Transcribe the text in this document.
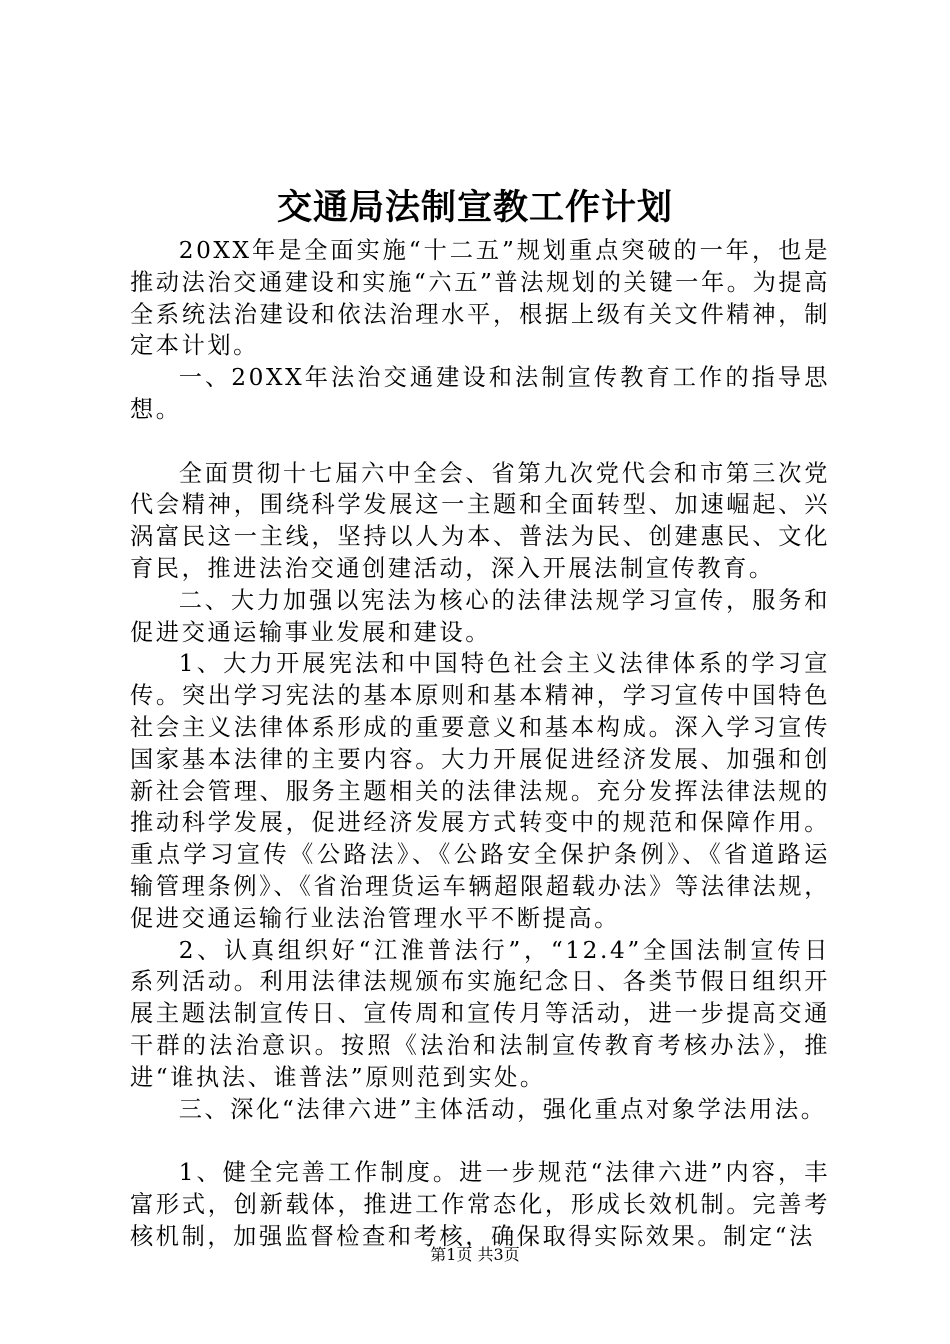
交通局法制宣教工作计划

20XX年是全面实施“十二五”规划重点突破的一年，也是推动法治交通建设和实施“六五”普法规划的关键一年。为提高全系统法治建设和依法治理水平，根据上级有关文件精神，制定本计划。

一、20XX年法治交通建设和法制宣传教育工作的指导思想。

全面贯彻十七届六中全会、省第九次党代会和市第三次党代会精神，围绕科学发展这一主题和全面转型、加速崛起、兴涡富民这一主线，坚持以人为本、普法为民、创建惠民、文化育民，推进法治交通创建活动，深入开展法制宣传教育。

二、大力加强以宪法为核心的法律法规学习宣传，服务和促进交通运输事业发展和建设。

1、大力开展宪法和中国特色社会主义法律体系的学习宣传。突出学习宪法的基本原则和基本精神，学习宣传中国特色社会主义法律体系形成的重要意义和基本构成。深入学习宣传国家基本法律的主要内容。大力开展促进经济发展、加强和创新社会管理、服务主题相关的法律法规。充分发挥法律法规的推动科学发展，促进经济发展方式转变中的规范和保障作用。重点学习宣传《公路法》、《公路安全保护条例》、《省道路运输管理条例》、《省治理货运车辆超限超载办法》等法律法规，促进交通运输行业法治管理水平不断提高。

2、认真组织好“江淮普法行”，“12.4”全国法制宣传日系列活动。利用法律法规颁布实施纪念日、各类节假日组织开展主题法制宣传日、宣传周和宣传月等活动，进一步提高交通干群的法治意识。按照《法治和法制宣传教育考核办法》，推进“谁执法、谁普法”原则范到实处。

三、深化“法律六进”主体活动，强化重点对象学法用法。

1、健全完善工作制度。进一步规范“法律六进”内容，丰富形式，创新载体，推进工作常态化，形成长效机制。完善考核机制，加强监督检查和考核，确保取得实际效果。制定“法

第1页 共3页
